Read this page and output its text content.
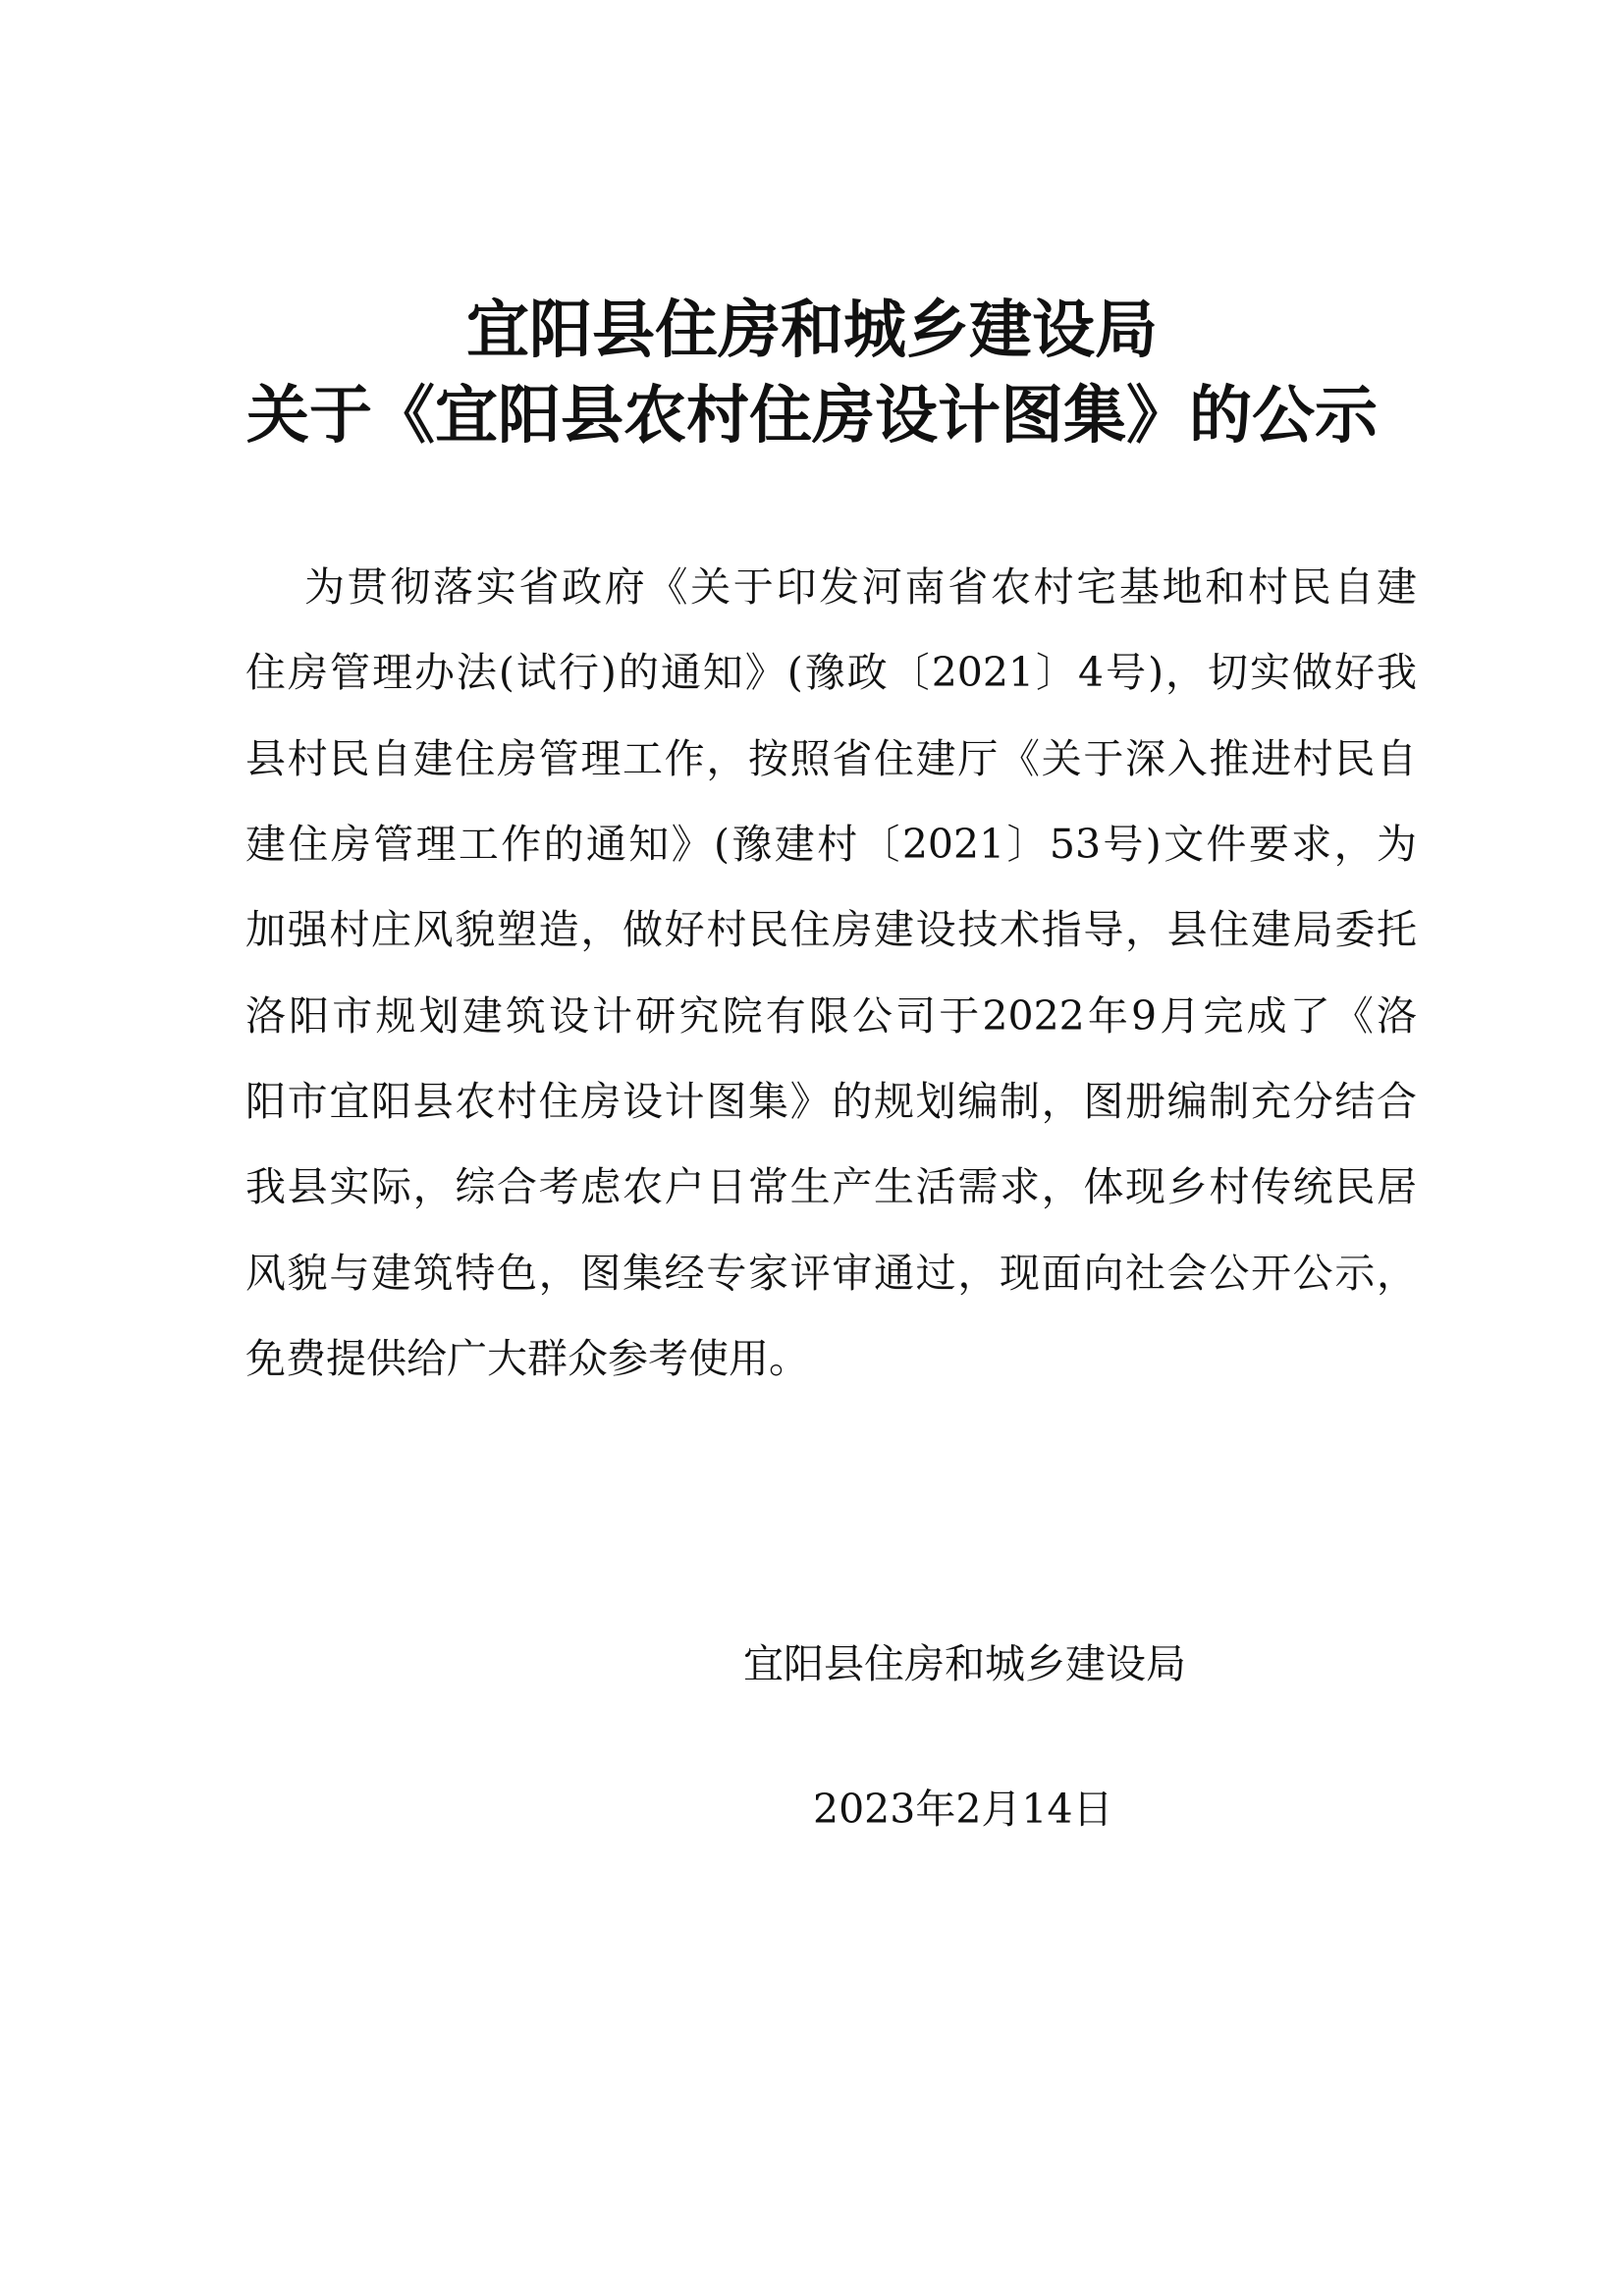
宜阳县住房和城乡建设局
关于《宜阳县农村住房设计图集》的公示
为贯彻落实省政府《关于印发河南省农村宅基地和村民自建
住房管理办法(试行)的通知》(豫政〔2021〕4号)，切实做好我
县村民自建住房管理工作，按照省住建厅《关于深入推进村民自
建住房管理工作的通知》(豫建村〔2021〕53号)文件要求，为
加强村庄风貌塑造，做好村民住房建设技术指导，县住建局委托
洛阳市规划建筑设计研究院有限公司于2022年9月完成了《洛
阳市宜阳县农村住房设计图集》的规划编制，图册编制充分结合
我县实际，综合考虑农户日常生产生活需求，体现乡村传统民居
风貌与建筑特色，图集经专家评审通过，现面向社会公开公示，
免费提供给广大群众参考使用。
宜阳县住房和城乡建设局
2023年2月14日
